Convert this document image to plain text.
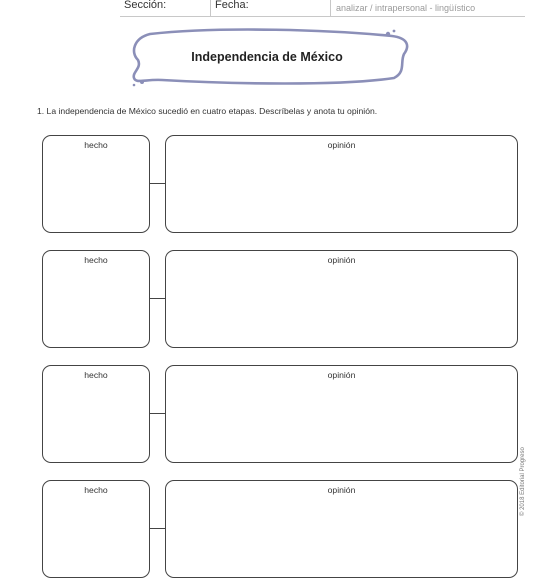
Sección:	Fecha:	analizar / intrapersonal - lingüístico
Independencia de México
1. La independencia de México sucedió en cuatro etapas. Descríbelas y anota tu opinión.
hecho	opinión
hecho	opinión
hecho	opinión
hecho	opinión	© 2018 Editorial Progreso
